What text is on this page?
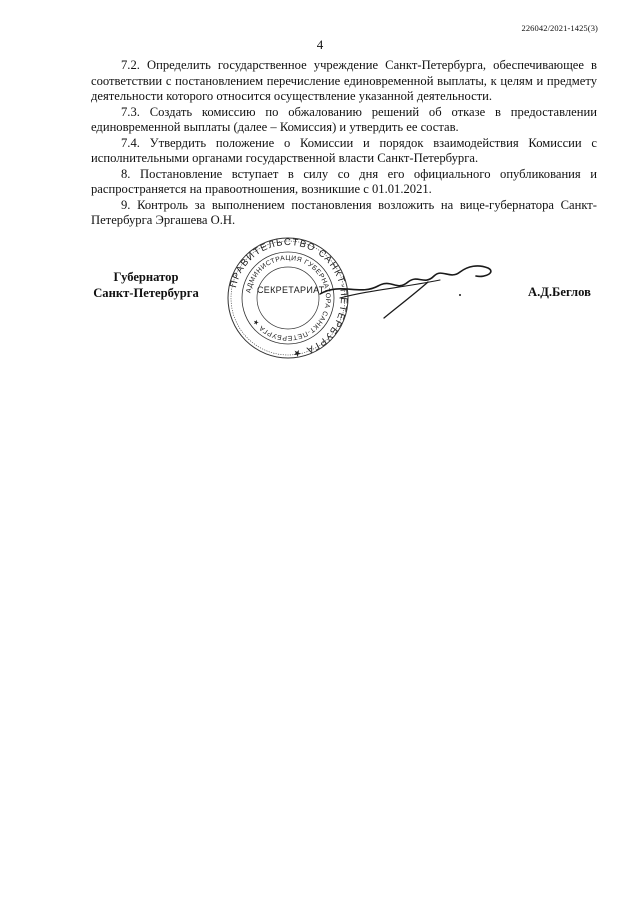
226042/2021-1425(3)
4

7.2. Определить государственное учреждение Санкт-Петербурга, обеспечивающее в соответствии с постановлением перечисление единовременной выплаты, к целям и предмету деятельности которого относится осуществление указанной деятельности.

7.3. Создать комиссию по обжалованию решений об отказе в предоставлении единовременной выплаты (далее – Комиссия) и утвердить ее состав.

7.4. Утвердить положение о Комиссии и порядок взаимодействия Комиссии с исполнительными органами государственной власти Санкт-Петербурга.

8. Постановление вступает в силу со дня его официального опубликования и распространяется на правоотношения, возникшие с 01.01.2021.

9. Контроль за выполнением постановления возложить на вице-губернатора Санкт-Петербурга Эргашева О.Н.

Губернатор
Санкт-Петербурга
ПРАВИТЕЛЬСТВО САНКТ-ПЕТЕРБУРГА ★
АДМИНИСТРАЦИЯ ГУБЕРНАТОРА САНКТ-ПЕТЕРБУРГА ★
СЕКРЕТАРИАТ	А.Д.Беглов
